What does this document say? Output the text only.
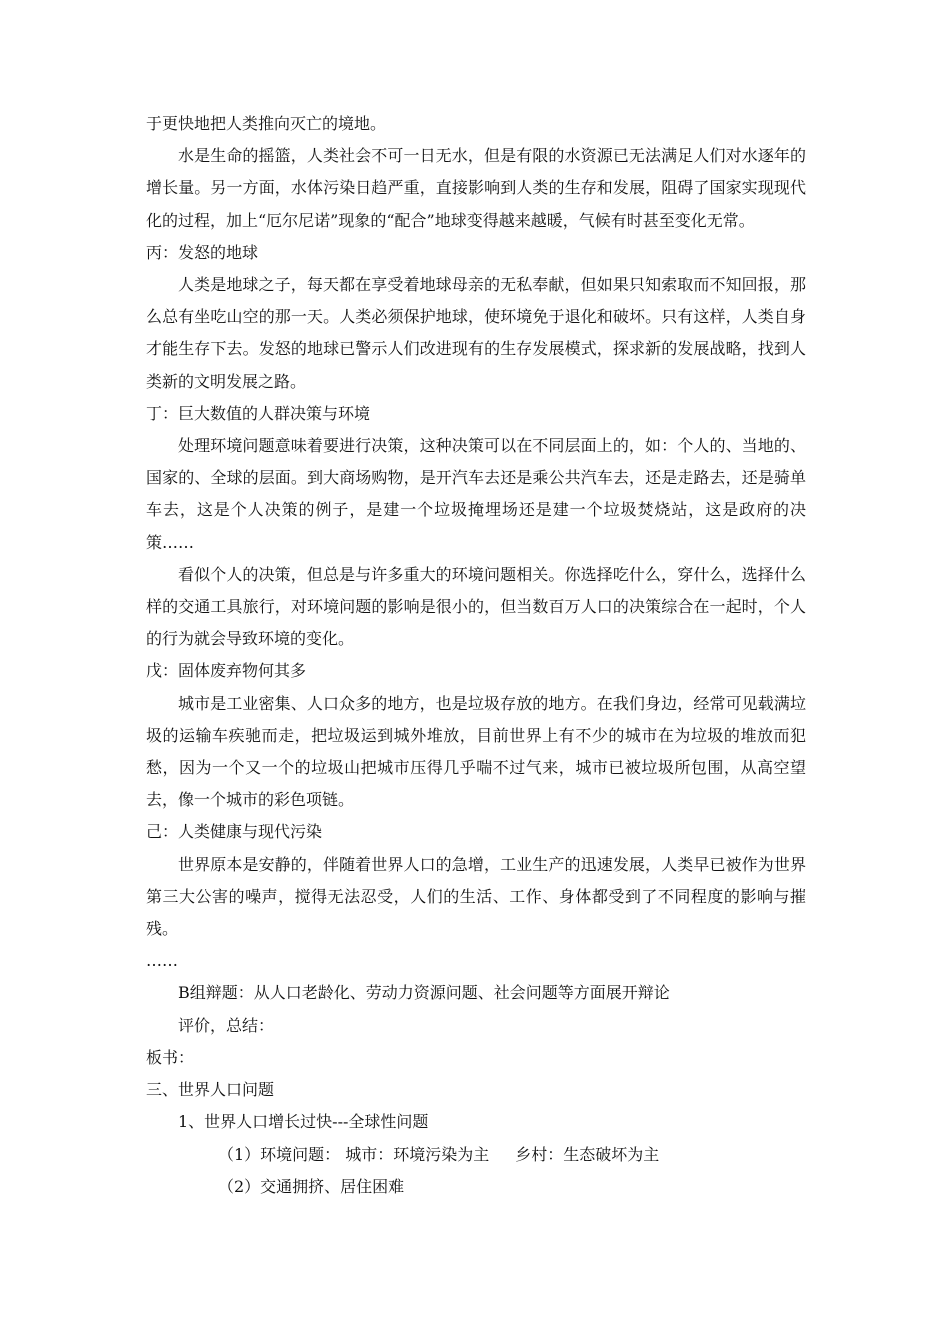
于更快地把人类推向灭亡的境地。

水是生命的摇篮，人类社会不可一日无水，但是有限的水资源已无法满足人们对水逐年的增长量。另一方面，水体污染日趋严重，直接影响到人类的生存和发展，阻碍了国家实现现代化的过程，加上“厄尔尼诺”现象的“配合”地球变得越来越暖，气候有时甚至变化无常。

丙：发怒的地球

人类是地球之子，每天都在享受着地球母亲的无私奉献，但如果只知索取而不知回报，那么总有坐吃山空的那一天。人类必须保护地球，使环境免于退化和破坏。只有这样，人类自身才能生存下去。发怒的地球已警示人们改进现有的生存发展模式，探求新的发展战略，找到人类新的文明发展之路。

丁：巨大数值的人群决策与环境

处理环境问题意味着要进行决策，这种决策可以在不同层面上的，如：个人的、当地的、国家的、全球的层面。到大商场购物，是开汽车去还是乘公共汽车去，还是走路去，还是骑单车去，这是个人决策的例子，是建一个垃圾掩埋场还是建一个垃圾焚烧站，这是政府的决策……

看似个人的决策，但总是与许多重大的环境问题相关。你选择吃什么，穿什么，选择什么样的交通工具旅行，对环境问题的影响是很小的，但当数百万人口的决策综合在一起时，个人的行为就会导致环境的变化。

戊：固体废弃物何其多

城市是工业密集、人口众多的地方，也是垃圾存放的地方。在我们身边，经常可见载满垃圾的运输车疾驰而走，把垃圾运到城外堆放，目前世界上有不少的城市在为垃圾的堆放而犯愁，因为一个又一个的垃圾山把城市压得几乎喘不过气来，城市已被垃圾所包围，从高空望去，像一个城市的彩色项链。

己：人类健康与现代污染

世界原本是安静的，伴随着世界人口的急增，工业生产的迅速发展，人类早已被作为世界第三大公害的噪声，搅得无法忍受，人们的生活、工作、身体都受到了不同程度的影响与摧残。

……

B组辩题：从人口老龄化、劳动力资源问题、社会问题等方面展开辩论

评价，总结：

板书：

三、世界人口问题

1、世界人口增长过快---全球性问题

（1）环境问题： 城市：环境污染为主 乡村：生态破坏为主

（2）交通拥挤、居住困难
